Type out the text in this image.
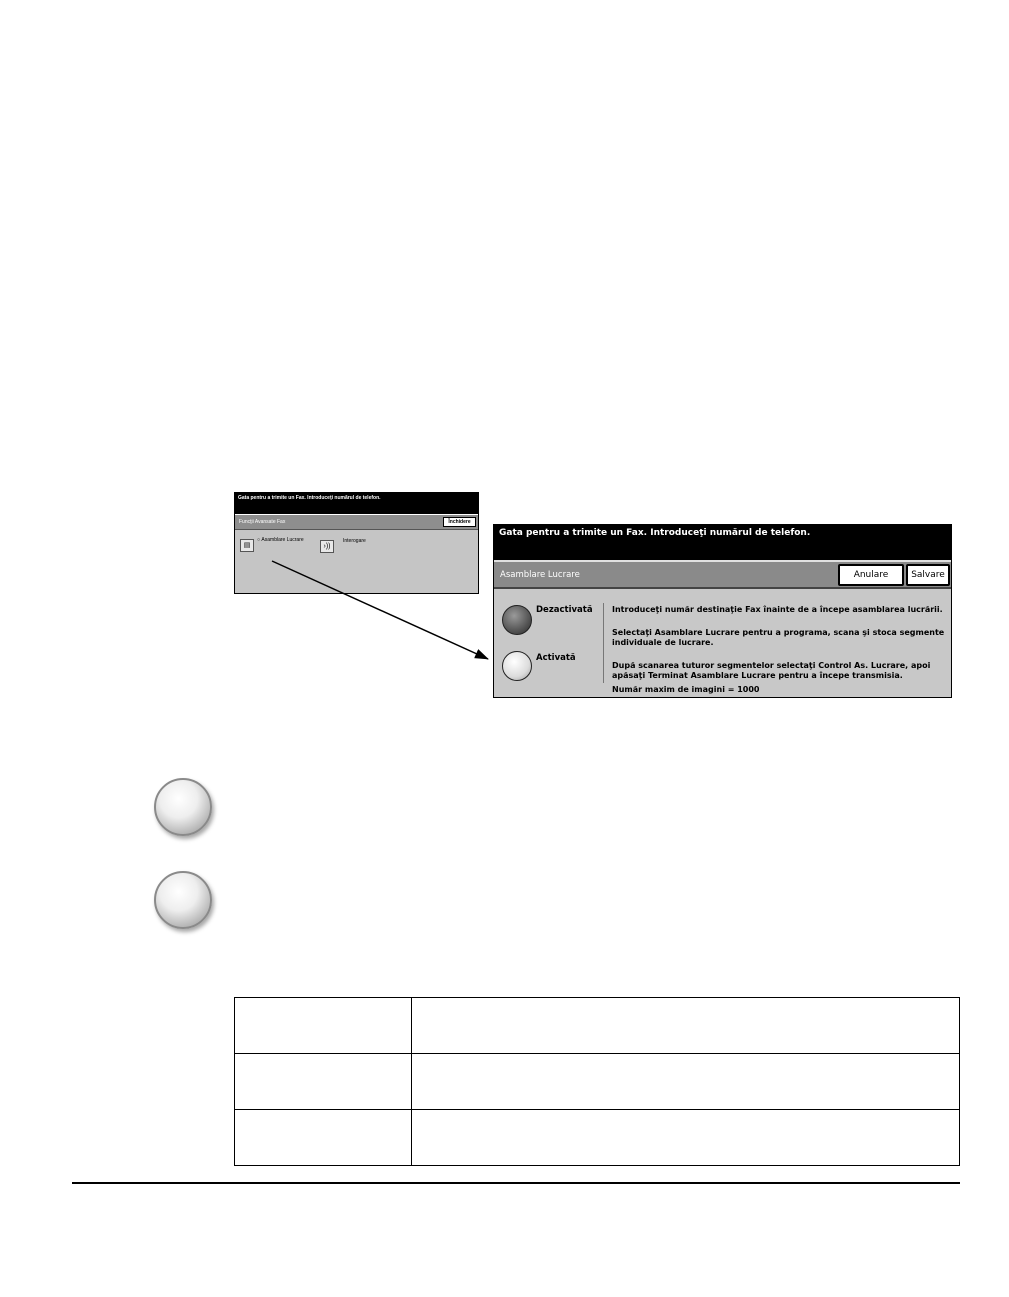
Gata pentru a trimite un Fax. Introduceţi numărul de telefon.
Funcţii Avansate Fax	Închidere
▤
○ Asamblare Lucrare
›))
Interogare
Gata pentru a trimite un Fax. Introduceţi numărul de telefon.
Asamblare Lucrare	Anulare	Salvare
Dezactivată
Activată
Introduceţi număr destinaţie Fax înainte de a începe asamblarea lucrării.
Selectaţi Asamblare Lucrare pentru a programa, scana şi stoca segmente individuale de lucrare.
După scanarea tuturor segmentelor selectaţi Control As. Lucrare, apoi apăsaţi Terminat Asamblare Lucrare pentru a începe transmisia.
Număr maxim de imagini = 1000
